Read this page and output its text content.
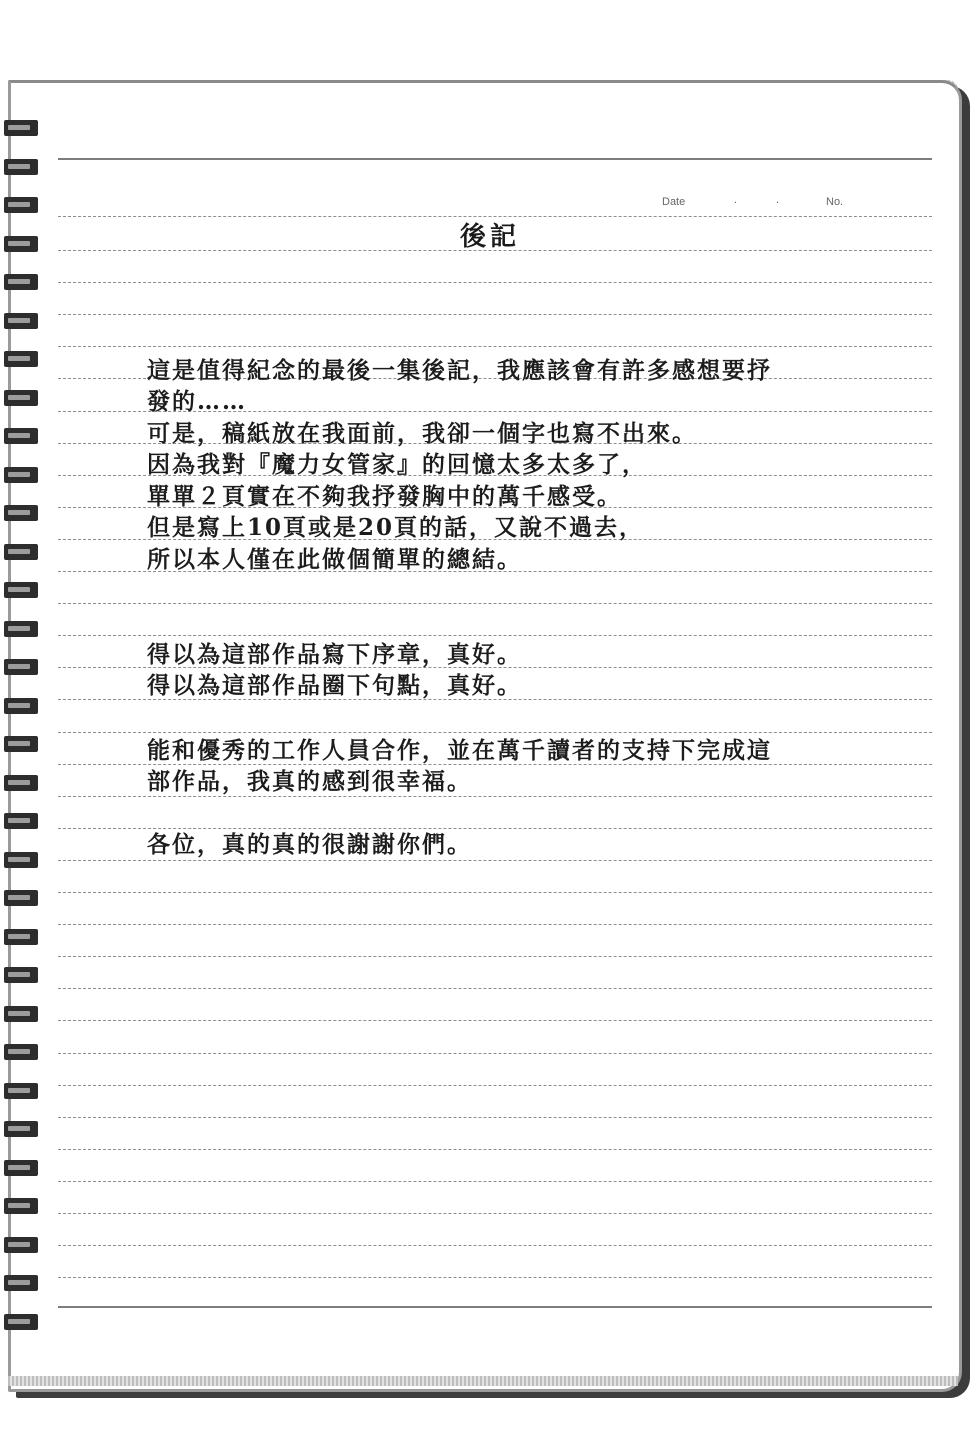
Date	.	.	No.
後記
這是值得紀念的最後一集後記，我應該會有許多感想要抒
發的……
可是，稿紙放在我面前，我卻一個字也寫不出來。
因為我對『魔力女管家』的回憶太多太多了，
單單２頁實在不夠我抒發胸中的萬千感受。
但是寫上10頁或是20頁的話，又說不過去，
所以本人僅在此做個簡單的總結。
得以為這部作品寫下序章，真好。
得以為這部作品圈下句點，真好。
能和優秀的工作人員合作，並在萬千讀者的支持下完成這
部作品，我真的感到很幸福。
各位，真的真的很謝謝你們。
